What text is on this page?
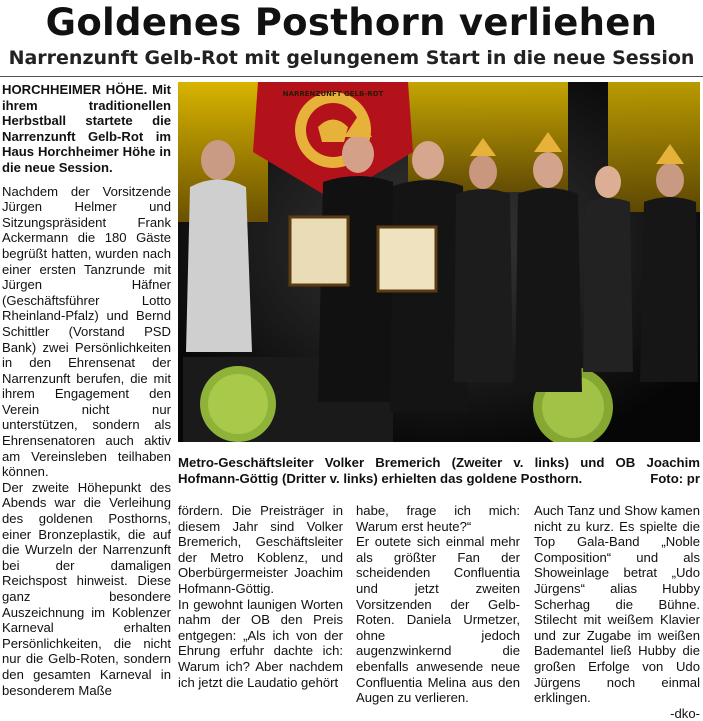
Goldenes Posthorn verliehen
Narrenzunft Gelb-Rot mit gelungenem Start in die neue Session

HORCHHEIMER HÖHE. Mit ihrem traditionellen Herbstball startete die Narrenzunft Gelb-Rot im Haus Horchheimer Höhe in die neue Session.

Nachdem der Vorsitzende Jürgen Helmer und Sitzungspräsident Frank Ackermann die 180 Gäste begrüßt hatten, wurden nach einer ersten Tanzrunde mit Jürgen Häfner (Geschäftsführer Lotto Rheinland-Pfalz) und Bernd Schittler (Vorstand PSD Bank) zwei Persönlichkeiten in den Ehrensenat der Narrenzunft berufen, die mit ihrem Engagement den Verein nicht nur unterstützen, sondern als Ehrensenatoren auch aktiv am Vereinsleben teilhaben können.

Der zweite Höhepunkt des Abends war die Verleihung des goldenen Posthorns, einer Bronzeplastik, die auf die Wurzeln der Narrenzunft bei der damaligen Reichspost hinweist. Diese ganz besondere Auszeichnung im Koblenzer Karneval erhalten Persönlichkeiten, die nicht nur die Gelb-Roten, sondern den gesamten Karneval in besonderem Maße

NARRENZUNFT GELB-ROT
Metro-Geschäftsleiter Volker Bremerich (Zweiter v. links) und OB Joachim Hofmann-Göttig (Dritter v. links) erhielten das goldene Posthorn.	Foto: pr

fördern. Die Preisträger in diesem Jahr sind Volker Bremerich, Geschäftsleiter der Metro Koblenz, und Oberbürgermeister Joachim Hofmann-Göttig.

In gewohnt launigen Worten nahm der OB den Preis entgegen: „Als ich von der Ehrung erfuhr dachte ich: Warum ich? Aber nachdem ich jetzt die Laudatio gehört

habe, frage ich mich: Warum erst heute?“

Er outete sich einmal mehr als größter Fan der scheidenden Confluentia und jetzt zweiten Vorsitzenden der Gelb-Roten. Daniela Urmetzer, ohne jedoch augenzwinkernd die ebenfalls anwesende neue Confluentia Melina aus den Augen zu verlieren.

Auch Tanz und Show kamen nicht zu kurz. Es spielte die Top Gala-Band „Noble Composition“ und als Showeinlage betrat „Udo Jürgens“ alias Hubby Scherhag die Bühne. Stilecht mit weißem Klavier und zur Zugabe im weißen Bademantel ließ Hubby die großen Erfolge von Udo Jürgens noch einmal erklingen.

-dko-
